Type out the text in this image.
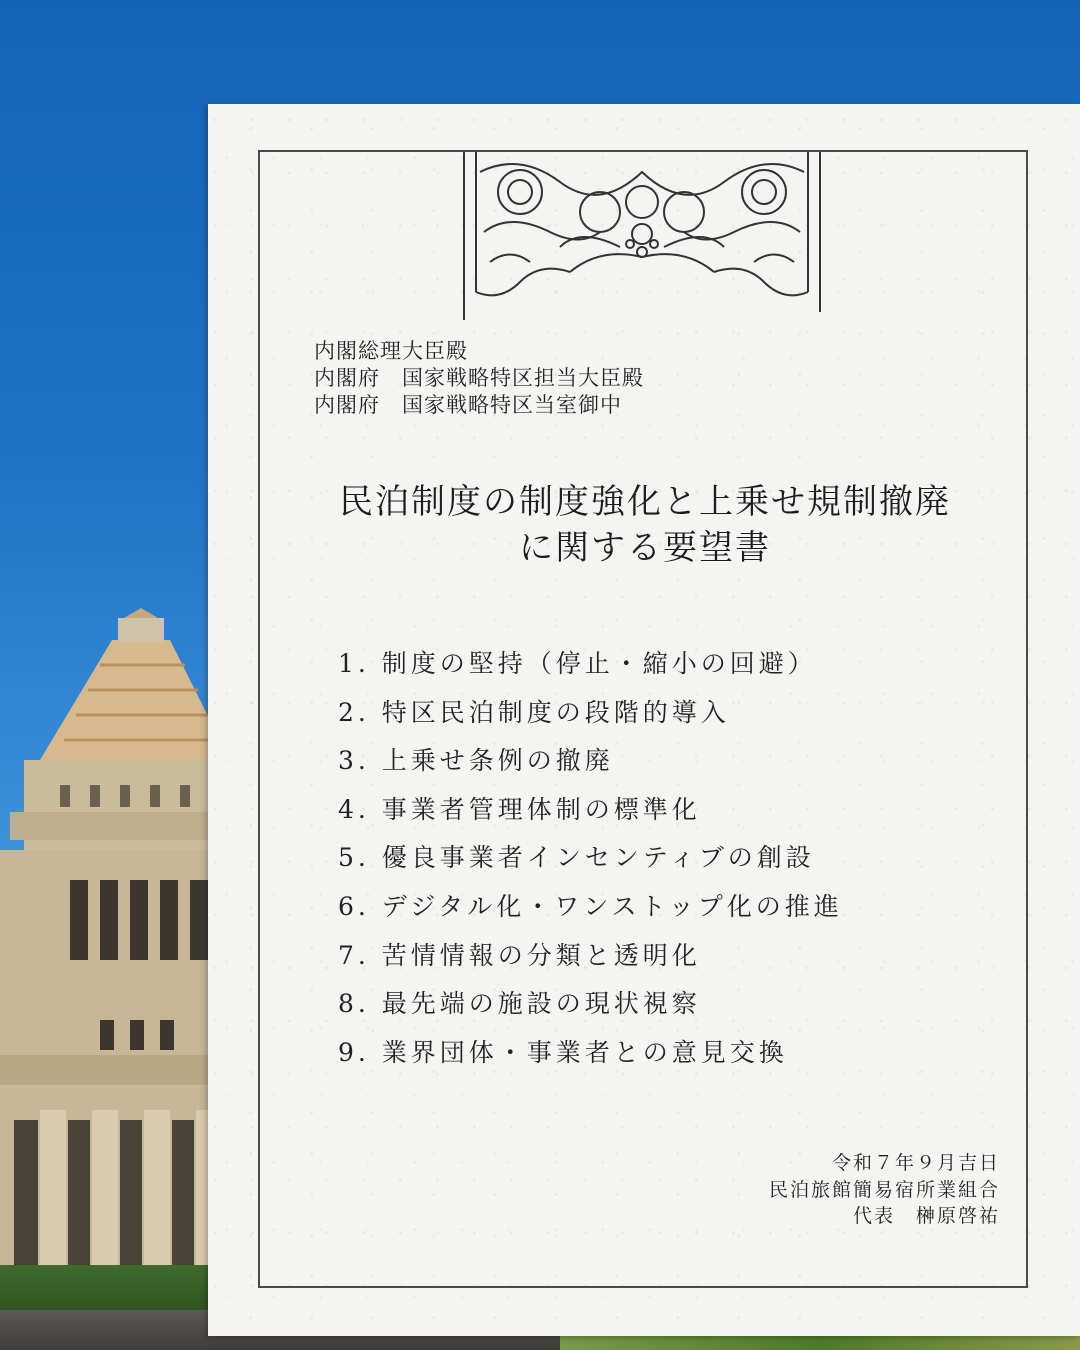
内閣総理大臣殿
内閣府　国家戦略特区担当大臣殿
内閣府　国家戦略特区当室御中
民泊制度の制度強化と上乗せ規制撤廃
に関する要望書
1. 制度の堅持（停止・縮小の回避）
2. 特区民泊制度の段階的導入
3. 上乗せ条例の撤廃
4. 事業者管理体制の標準化
5. 優良事業者インセンティブの創設
6. デジタル化・ワンストップ化の推進
7. 苦情情報の分類と透明化
8. 最先端の施設の現状視察
9. 業界団体・事業者との意見交換
令和７年９月吉日
民泊旅館簡易宿所業組合
代表　榊原啓祐
